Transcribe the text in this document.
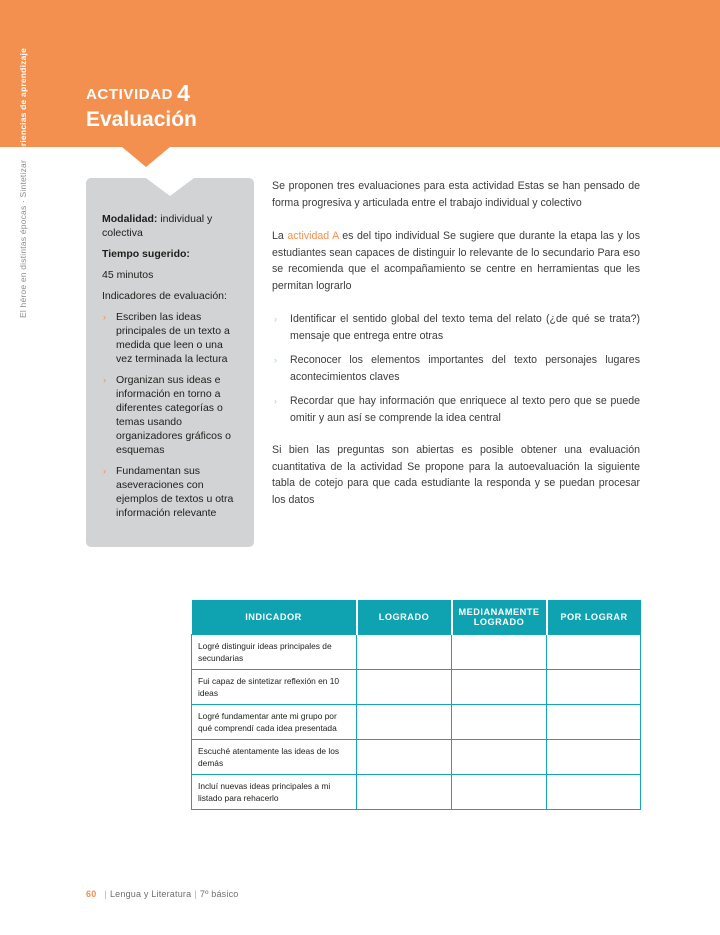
ACTIVIDAD 4
Evaluación
Experiencias de aprendizaje
El héroe en distintas épocas · Sintetizar	Modalidad: individual y colectiva
Tiempo sugerido:
45 minutos
Indicadores de evaluación:
› Escriben las ideas principales de un texto a medida que leen o una vez terminada la lectura
› Organizan sus ideas e información en torno a diferentes categorías o temas usando organizadores gráficos o esquemas
› Fundamentan sus aseveraciones con ejemplos de textos u otra información relevante
Se proponen tres evaluaciones para esta actividad Estas se han pensado de forma progresiva y articulada entre el trabajo individual y colectivo
La actividad A es del tipo individual Se sugiere que durante la etapa las y los estudiantes sean capaces de distinguir lo relevante de lo secundario Para eso se recomienda que el acompañamiento se centre en herramientas que les permitan lograrlo
› Identificar el sentido global del texto tema del relato (¿de qué se trata?) mensaje que entrega entre otras
› Reconocer los elementos importantes del texto personajes lugares acontecimientos claves
› Recordar que hay información que enriquece al texto pero que se puede omitir y aun así se comprende la idea central
Si bien las preguntas son abiertas es posible obtener una evaluación cuantitativa de la actividad Se propone para la autoevaluación la siguiente tabla de cotejo para que cada estudiante la responda y se puedan procesar los datos
INDICADOR	LOGRADO	MEDIANAMENTE LOGRADO	POR LOGRAR
Logré distinguir ideas principales de secundarias			
Fui capaz de sintetizar reflexión en 10 ideas			
Logré fundamentar ante mi grupo por qué comprendí cada idea presentada			
Escuché atentamente las ideas de los demás			
Incluí nuevas ideas principales a mi listado para rehacerlo			
60 | Lengua y Literatura | 7º básico
